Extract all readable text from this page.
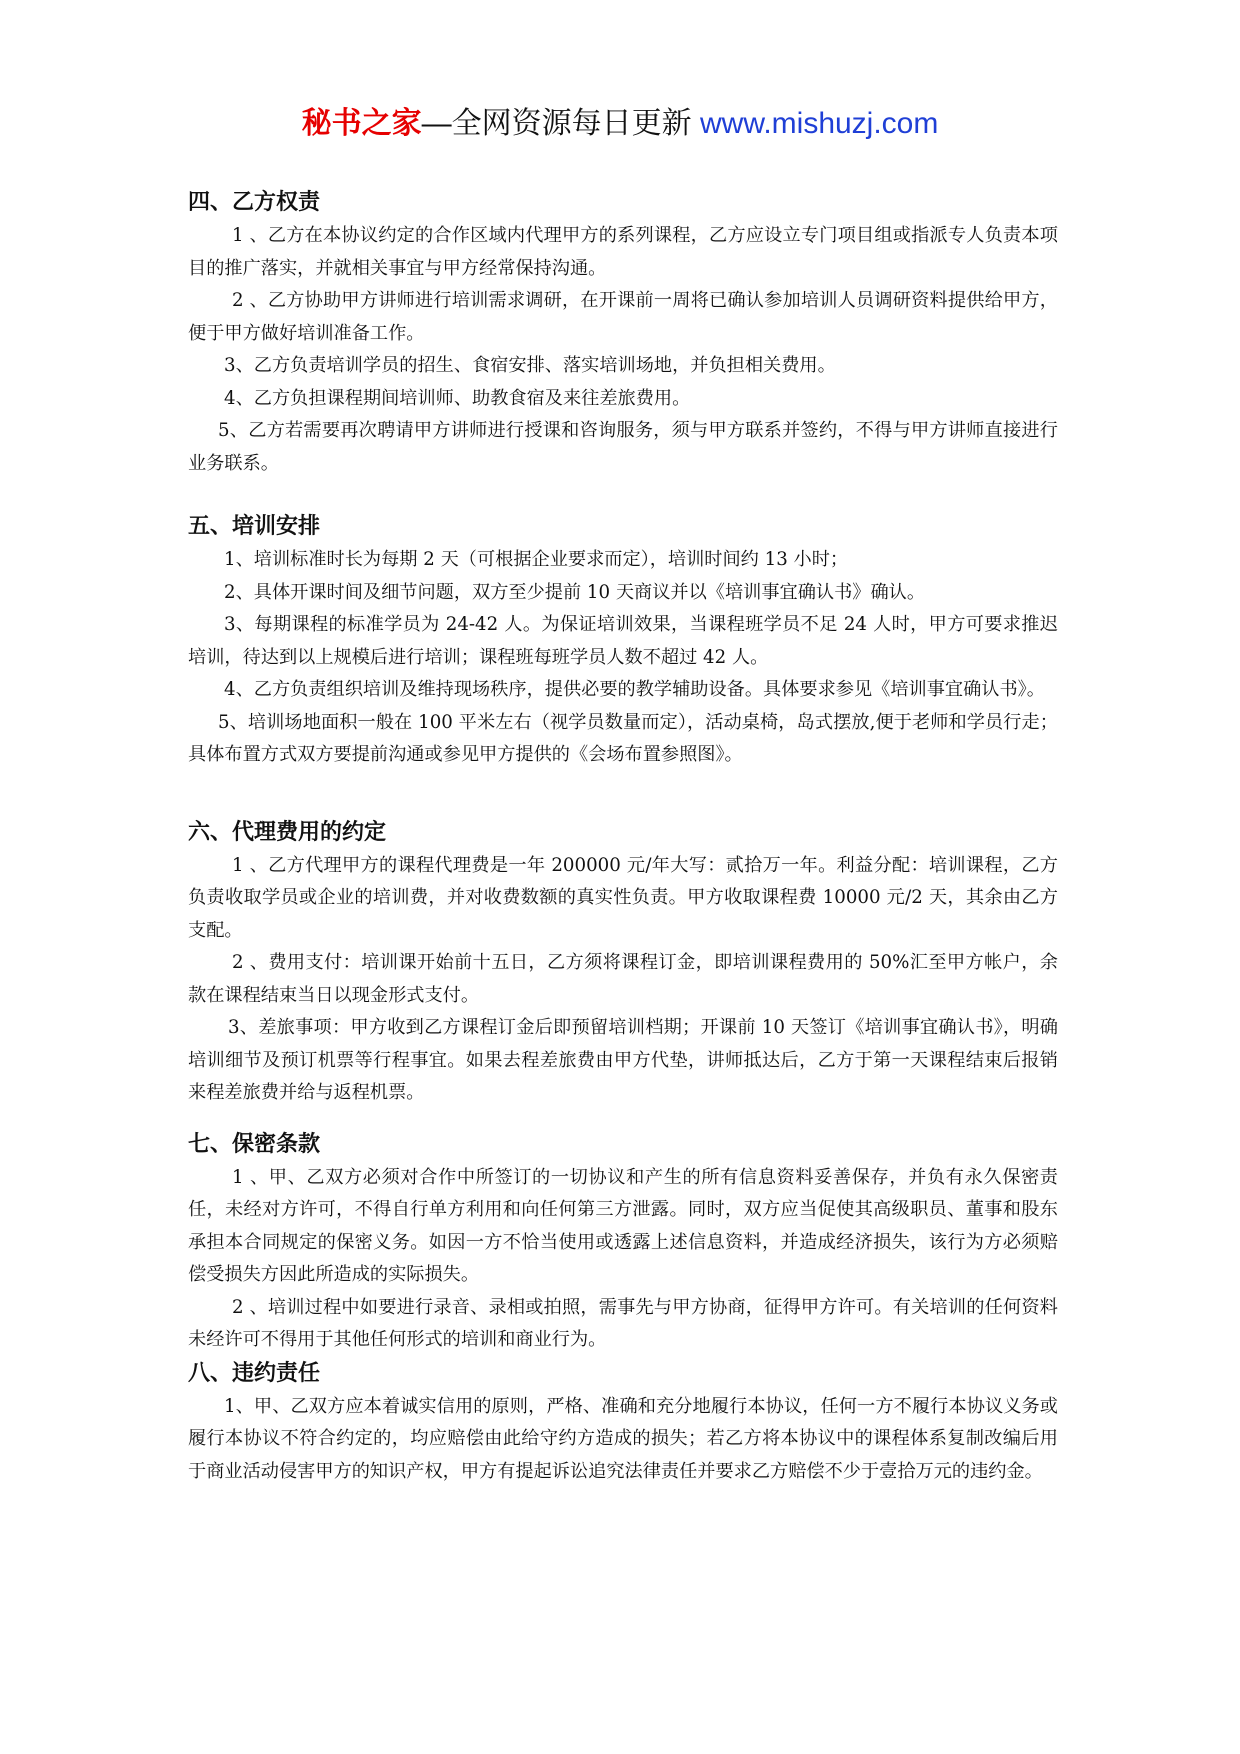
秘书之家—全网资源每日更新 www.mishuzj.com
四、乙方权责

1 、乙方在本协议约定的合作区域内代理甲方的系列课程，乙方应设立专门项目组或指派专人负责本项目的推广落实，并就相关事宜与甲方经常保持沟通。

2 、乙方协助甲方讲师进行培训需求调研，在开课前一周将已确认参加培训人员调研资料提供给甲方，便于甲方做好培训准备工作。

3、乙方负责培训学员的招生、食宿安排、落实培训场地，并负担相关费用。

4、乙方负担课程期间培训师、助教食宿及来往差旅费用。

5、乙方若需要再次聘请甲方讲师进行授课和咨询服务，须与甲方联系并签约，不得与甲方讲师直接进行业务联系。

五、培训安排

1、培训标准时长为每期 2 天（可根据企业要求而定），培训时间约 13 小时；

2、具体开课时间及细节问题，双方至少提前 10 天商议并以《培训事宜确认书》确认。

3、每期课程的标准学员为 24-42 人。为保证培训效果，当课程班学员不足 24 人时，甲方可要求推迟培训，待达到以上规模后进行培训；课程班每班学员人数不超过 42 人。

4、乙方负责组织培训及维持现场秩序，提供必要的教学辅助设备。具体要求参见《培训事宜确认书》。

5、培训场地面积一般在 100 平米左右（视学员数量而定），活动桌椅，岛式摆放,便于老师和学员行走；具体布置方式双方要提前沟通或参见甲方提供的《会场布置参照图》。

六、代理费用的约定

1 、乙方代理甲方的课程代理费是一年 200000 元/年大写：贰拾万一年。利益分配：培训课程，乙方负责收取学员或企业的培训费，并对收费数额的真实性负责。甲方收取课程费 10000 元/2 天，其余由乙方支配。

2 、费用支付：培训课开始前十五日，乙方须将课程订金，即培训课程费用的 50%汇至甲方帐户，余款在课程结束当日以现金形式支付。

3、差旅事项：甲方收到乙方课程订金后即预留培训档期；开课前 10 天签订《培训事宜确认书》，明确培训细节及预订机票等行程事宜。如果去程差旅费由甲方代垫，讲师抵达后，乙方于第一天课程结束后报销来程差旅费并给与返程机票。

七、保密条款

1 、甲、乙双方必须对合作中所签订的一切协议和产生的所有信息资料妥善保存，并负有永久保密责任，未经对方许可，不得自行单方利用和向任何第三方泄露。同时，双方应当促使其高级职员、董事和股东承担本合同规定的保密义务。如因一方不恰当使用或透露上述信息资料，并造成经济损失，该行为方必须赔偿受损失方因此所造成的实际损失。

2 、培训过程中如要进行录音、录相或拍照，需事先与甲方协商，征得甲方许可。有关培训的任何资料未经许可不得用于其他任何形式的培训和商业行为。

八、违约责任

1、甲、乙双方应本着诚实信用的原则，严格、准确和充分地履行本协议，任何一方不履行本协议义务或履行本协议不符合约定的，均应赔偿由此给守约方造成的损失；若乙方将本协议中的课程体系复制改编后用于商业活动侵害甲方的知识产权，甲方有提起诉讼追究法律责任并要求乙方赔偿不少于壹拾万元的违约金。
